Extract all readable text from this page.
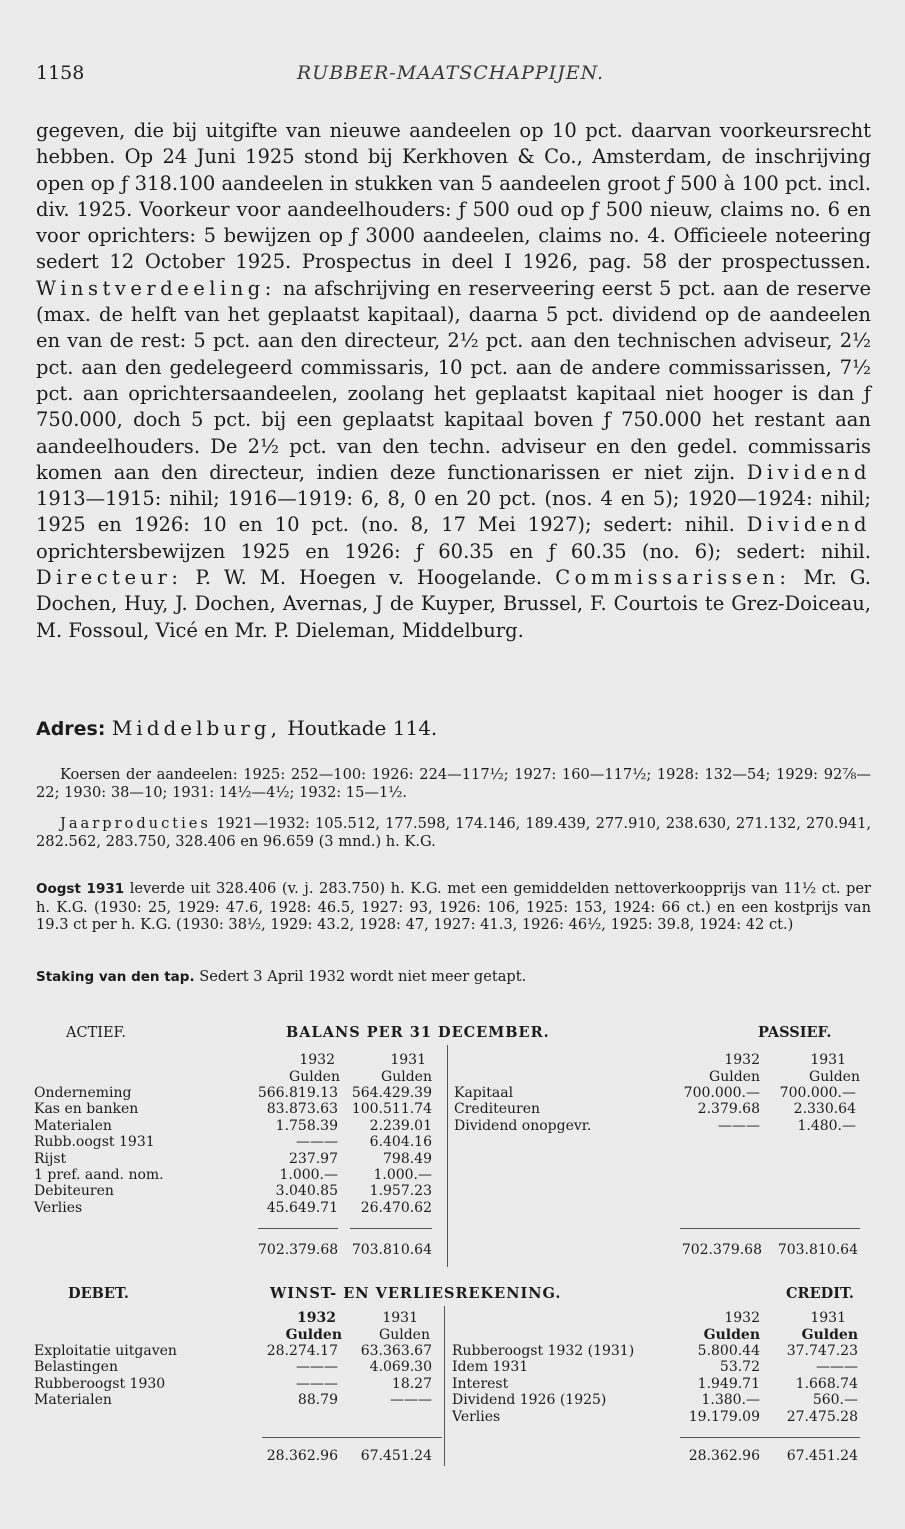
1158	RUBBER-MAATSCHAPPIJEN.

gegeven, die bij uitgifte van nieuwe aandeelen op 10 pct. daarvan voorkeursrecht hebben. Op 24 Juni 1925 stond bij Kerkhoven & Co., Amsterdam, de inschrijving open op ƒ 318.100 aandeelen in stukken van 5 aandeelen groot ƒ 500 à 100 pct. incl. div. 1925. Voorkeur voor aandeelhouders: ƒ 500 oud op ƒ 500 nieuw, claims no. 6 en voor oprichters: 5 bewijzen op ƒ 3000 aandeelen, claims no. 4. Officieele noteering sedert 12 October 1925. Prospectus in deel I 1926, pag. 58 der prospectussen. Winstverdeeling: na afschrijving en reserveering eerst 5 pct. aan de reserve (max. de helft van het geplaatst kapitaal), daarna 5 pct. dividend op de aandeelen en van de rest: 5 pct. aan den directeur, 2½ pct. aan den technischen adviseur, 2½ pct. aan den gedelegeerd commissaris, 10 pct. aan de andere commissarissen, 7½ pct. aan oprichtersaandeelen, zoolang het geplaatst kapitaal niet hooger is dan ƒ 750.000, doch 5 pct. bij een geplaatst kapitaal boven ƒ 750.000 het restant aan aandeelhouders. De 2½ pct. van den techn. adviseur en den gedel. commissaris komen aan den directeur, indien deze functionarissen er niet zijn. Dividend 1913—1915: nihil; 1916—1919: 6, 8, 0 en 20 pct. (nos. 4 en 5); 1920—1924: nihil; 1925 en 1926: 10 en 10 pct. (no. 8, 17 Mei 1927); sedert: nihil. Dividend oprichtersbewijzen 1925 en 1926: ƒ 60.35 en ƒ 60.35 (no. 6); sedert: nihil. Directeur: P. W. M. Hoegen v. Hoogelande. Commissarissen: Mr. G. Dochen, Huy, J. Dochen, Avernas, J de Kuyper, Brussel, F. Courtois te Grez-Doiceau, M. Fossoul, Vicé en Mr. P. Dieleman, Middelburg.

Adres: Middelburg, Houtkade 114.
Koersen der aandeelen: 1925: 252—100: 1926: 224—117½; 1927: 160—117½; 1928: 132—54; 1929: 92⅞—22; 1930: 38—10; 1931: 14½—4½; 1932: 15—1½.
Jaarproducties 1921—1932: 105.512, 177.598, 174.146, 189.439, 277.910, 238.630, 271.132, 270.941, 282.562, 283.750, 328.406 en 96.659 (3 mnd.) h. K.G.
Oogst 1931 leverde uit 328.406 (v. j. 283.750) h. K.G. met een gemiddelden nettoverkoopprijs van 11½ ct. per h. K.G. (1930: 25, 1929: 47.6, 1928: 46.5, 1927: 93, 1926: 106, 1925: 153, 1924: 66 ct.) en een kostprijs van 19.3 ct per h. K.G. (1930: 38½, 1929: 43.2, 1928: 47, 1927: 41.3, 1926: 46½, 1925: 39.8, 1924: 42 ct.)
Staking van den tap. Sedert 3 April 1932 wordt niet meer getapt.
ACTIEF.	BALANS PER 31 DECEMBER.	PASSIEF.
1932	1931
Gulden	Gulden
1932	1931
Gulden	Gulden
Onderneming	566.819.13 564.429.39
Kas en banken	83.873.63 100.511.74
Materialen	1.758.39	2.239.01
Rubb.oogst 1931	———	6.404.16
Rijst	237.97	798.49
1 pref. aand. nom.	1.000.—	1.000.—
Debiteuren	3.040.85	1.957.23
Verlies	45.649.71	26.470.62
Kapitaal	700.000.—	700.000.—
Crediteuren	2.379.68	2.330.64
Dividend onopgevr.	———	1.480.—
702.379.68 703.810.64	702.379.68	703.810.64
DEBET.	WINST- EN VERLIESREKENING.	CREDIT.
1932	1931
Gulden	Gulden
1932	1931
Gulden	Gulden
Exploitatie uitgaven	28.274.17	63.363.67
Belastingen	———	4.069.30
Rubberoogst 1930	———	18.27
Materialen	88.79	———
Rubberoogst 1932 (1931)	5.800.44	37.747.23
Idem 1931	53.72	———
Interest	1.949.71	1.668.74
Dividend 1926 (1925)	1.380.—	560.—
Verlies	19.179.09	27.475.28
28.362.96	67.451.24	28.362.96	67.451.24
